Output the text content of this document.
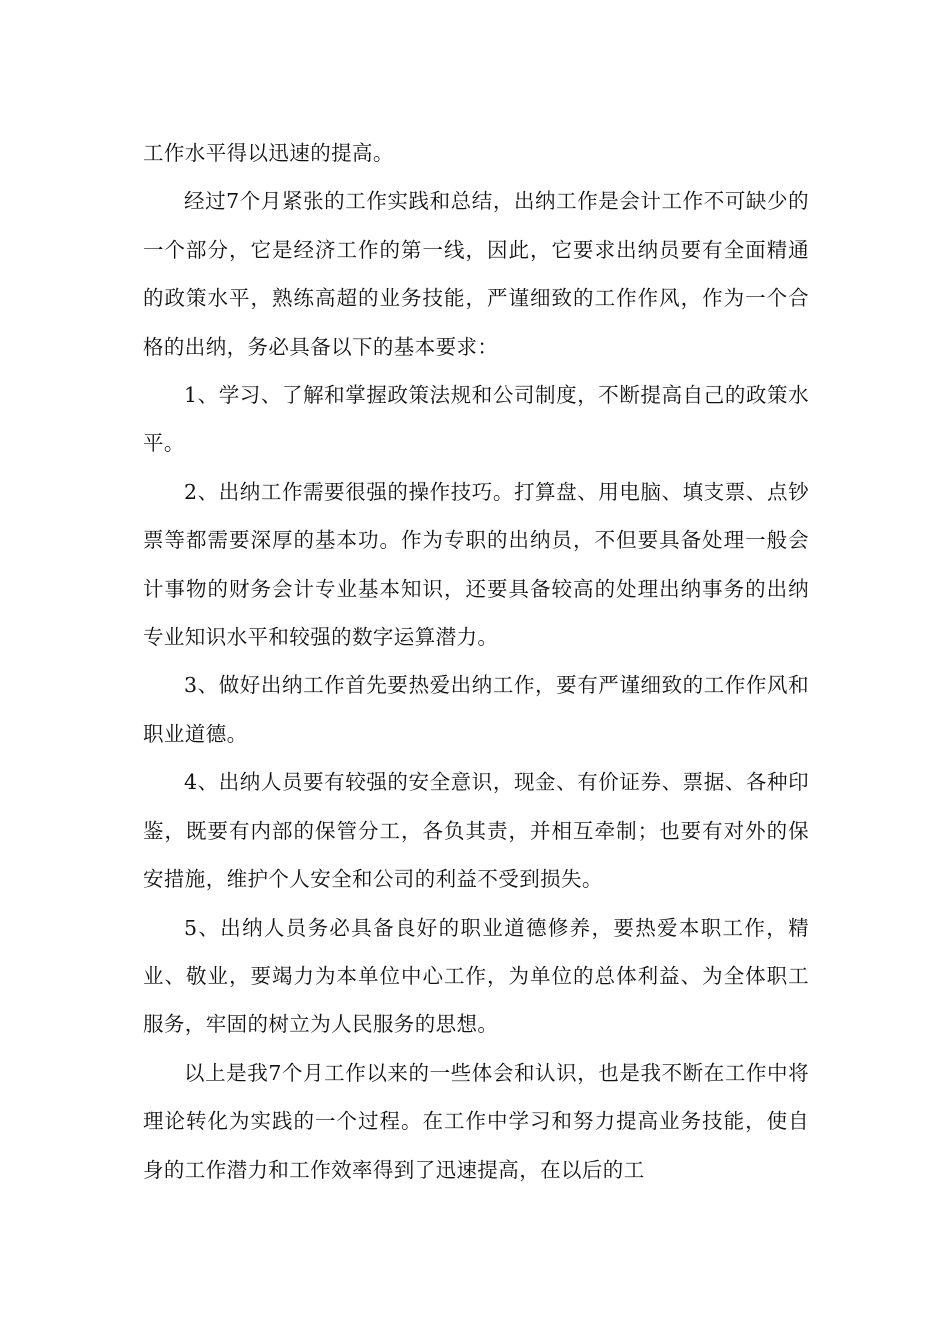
工作水平得以迅速的提高。

经过7个月紧张的工作实践和总结，出纳工作是会计工作不可缺少的一个部分，它是经济工作的第一线，因此，它要求出纳员要有全面精通的政策水平，熟练高超的业务技能，严谨细致的工作作风，作为一个合格的出纳，务必具备以下的基本要求：

1、学习、了解和掌握政策法规和公司制度，不断提高自己的政策水平。

2、出纳工作需要很强的操作技巧。打算盘、用电脑、填支票、点钞票等都需要深厚的基本功。作为专职的出纳员，不但要具备处理一般会计事物的财务会计专业基本知识，还要具备较高的处理出纳事务的出纳专业知识水平和较强的数字运算潜力。

3、做好出纳工作首先要热爱出纳工作，要有严谨细致的工作作风和职业道德。

4、出纳人员要有较强的安全意识，现金、有价证券、票据、各种印鉴，既要有内部的保管分工，各负其责，并相互牵制；也要有对外的保安措施，维护个人安全和公司的利益不受到损失。

5、出纳人员务必具备良好的职业道德修养，要热爱本职工作，精业、敬业，要竭力为本单位中心工作，为单位的总体利益、为全体职工服务，牢固的树立为人民服务的思想。

以上是我7个月工作以来的一些体会和认识，也是我不断在工作中将理论转化为实践的一个过程。在工作中学习和努力提高业务技能，使自身的工作潜力和工作效率得到了迅速提高，在以后的工
